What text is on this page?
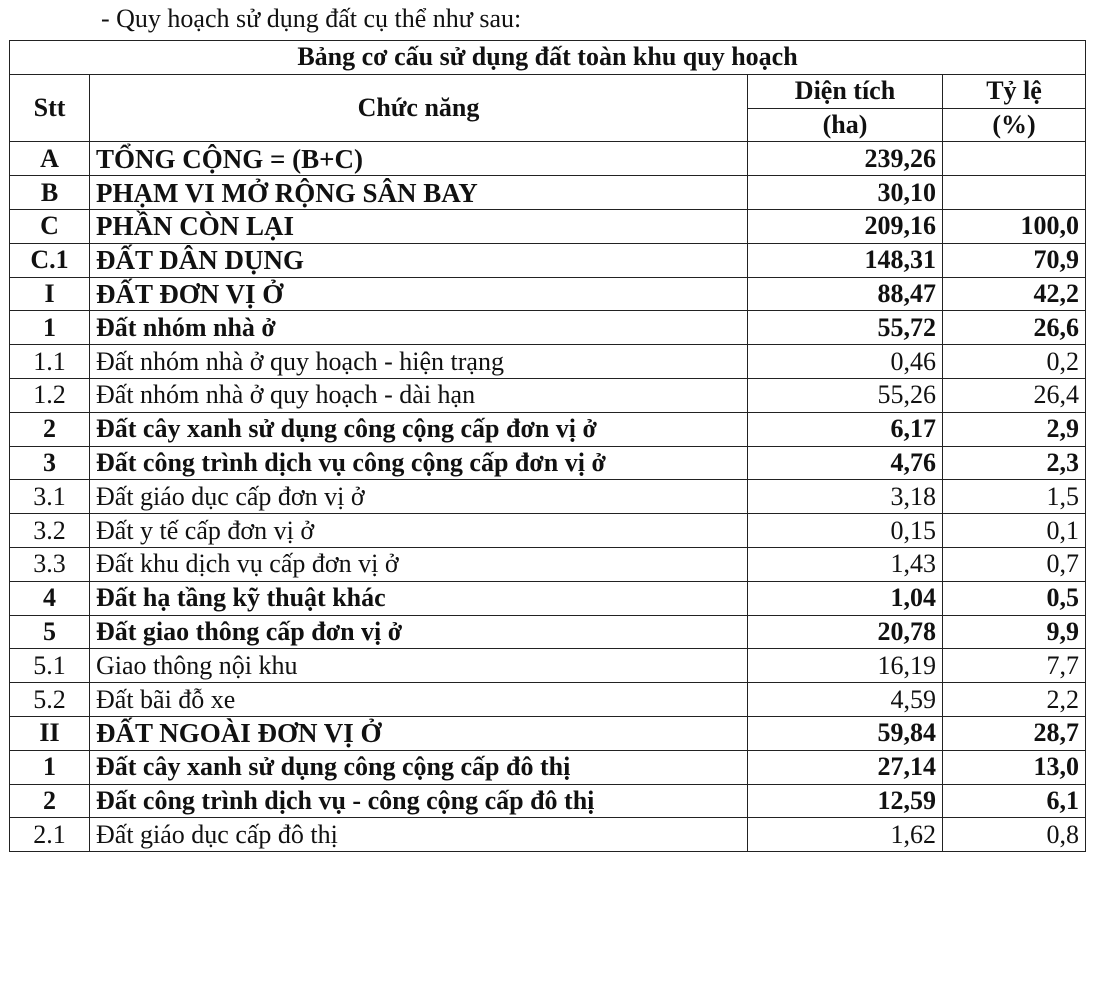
- Quy hoạch sử dụng đất cụ thể như sau:
Bảng cơ cấu sử dụng đất toàn khu quy hoạch			
Stt	Chức năng	Diện tích	Tỷ lệ
		(ha)	(%)
A	TỔNG CỘNG = (B+C)	239,26	
B	PHẠM VI MỞ RỘNG SÂN BAY	30,10	
C	PHẦN CÒN LẠI	209,16	100,0
C.1	ĐẤT DÂN DỤNG	148,31	70,9
I	ĐẤT ĐƠN VỊ Ở	88,47	42,2
1	Đất nhóm nhà ở	55,72	26,6
1.1	Đất nhóm nhà ở quy hoạch - hiện trạng	0,46	0,2
1.2	Đất nhóm nhà ở quy hoạch - dài hạn	55,26	26,4
2	Đất cây xanh sử dụng công cộng cấp đơn vị ở	6,17	2,9
3	Đất công trình dịch vụ công cộng cấp đơn vị ở	4,76	2,3
3.1	Đất giáo dục cấp đơn vị ở	3,18	1,5
3.2	Đất y tế cấp đơn vị ở	0,15	0,1
3.3	Đất khu dịch vụ cấp đơn vị ở	1,43	0,7
4	Đất hạ tầng kỹ thuật khác	1,04	0,5
5	Đất giao thông cấp đơn vị ở	20,78	9,9
5.1	Giao thông nội khu	16,19	7,7
5.2	Đất bãi đỗ xe	4,59	2,2
II	ĐẤT NGOÀI ĐƠN VỊ Ở	59,84	28,7
1	Đất cây xanh sử dụng công cộng cấp đô thị	27,14	13,0
2	Đất công trình dịch vụ - công cộng cấp đô thị	12,59	6,1
2.1	Đất giáo dục cấp đô thị	1,62	0,8
